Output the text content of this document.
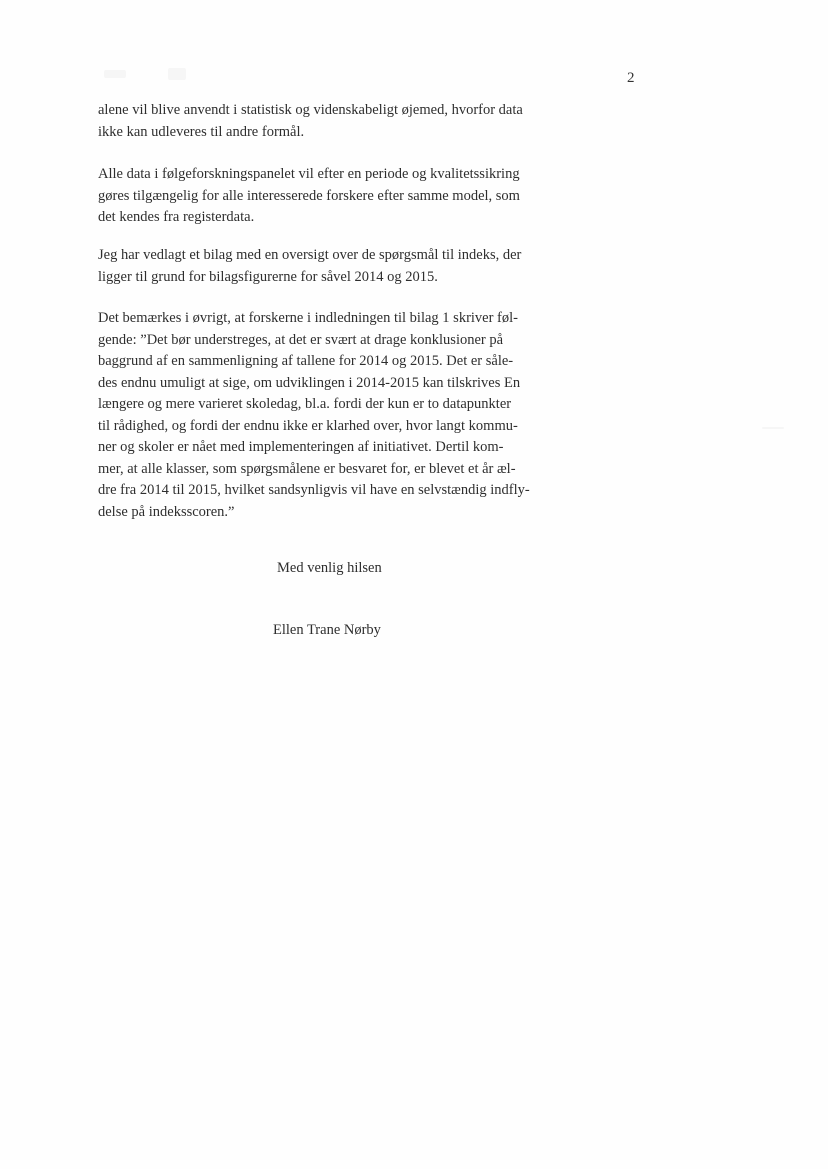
2

alene vil blive anvendt i statistisk og videnskabeligt øjemed, hvorfor data
ikke kan udleveres til andre formål.

Alle data i følgeforskningspanelet vil efter en periode og kvalitetssikring
gøres tilgængelig for alle interesserede forskere efter samme model, som
det kendes fra registerdata.

Jeg har vedlagt et bilag med en oversigt over de spørgsmål til indeks, der
ligger til grund for bilagsfigurerne for såvel 2014 og 2015.

Det bemærkes i øvrigt, at forskerne i indledningen til bilag 1 skriver føl-
gende: ”Det bør understreges, at det er svært at drage konklusioner på
baggrund af en sammenligning af tallene for 2014 og 2015. Det er såle-
des endnu umuligt at sige, om udviklingen i 2014-2015 kan tilskrives En
længere og mere varieret skoledag, bl.a. fordi der kun er to datapunkter
til rådighed, og fordi der endnu ikke er klarhed over, hvor langt kommu-
ner og skoler er nået med implementeringen af initiativet. Dertil kom-
mer, at alle klasser, som spørgsmålene er besvaret for, er blevet et år æl-
dre fra 2014 til 2015, hvilket sandsynligvis vil have en selvstændig indfly-
delse på indeksscoren.”

Med venlig hilsen
Ellen Trane Nørby
